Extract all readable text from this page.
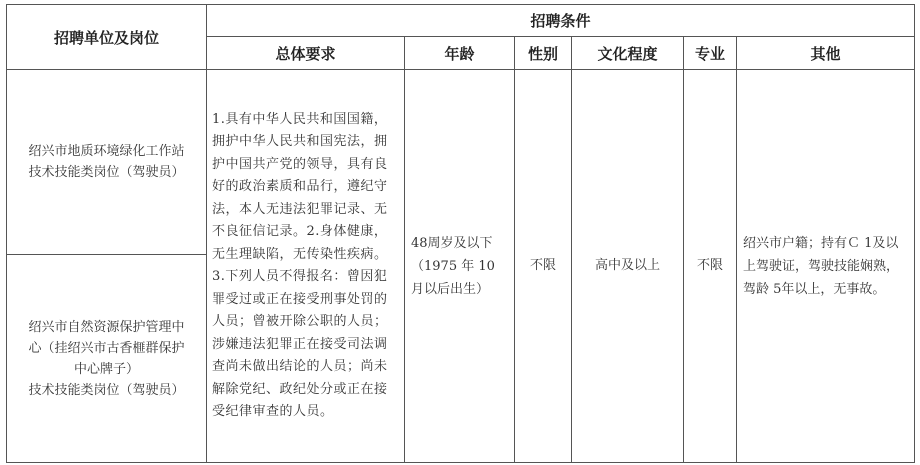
招聘单位及岗位	招聘条件					
	总体要求	年龄	性别	文化程度	专业	其他

绍兴市地质环境绿化工作站
技术技能类岗位（驾驶员）	1.具有中华人民共和国国籍，拥护中华人民共和国宪法，拥护中国共产党的领导，具有良好的政治素质和品行，遵纪守法，本人无违法犯罪记录、无不良征信记录。2.身体健康，无生理缺陷，无传染性疾病。3.下列人员不得报名：曾因犯罪受过或正在接受刑事处罚的人员；曾被开除公职的人员；涉嫌违法犯罪正在接受司法调查尚未做出结论的人员；尚未解除党纪、政纪处分或正在接受纪律审查的人员。	48周岁及以下（1975 年 10 月以后出生）	不限	高中及以上	不限	绍兴市户籍；持有Ｃ 1及以上驾驶证，驾驶技能娴熟，驾龄 5年以上，无事故。

绍兴市自然资源保护管理中
心（挂绍兴市古香榧群保护
中心牌子）
技术技能类岗位（驾驶员）						
